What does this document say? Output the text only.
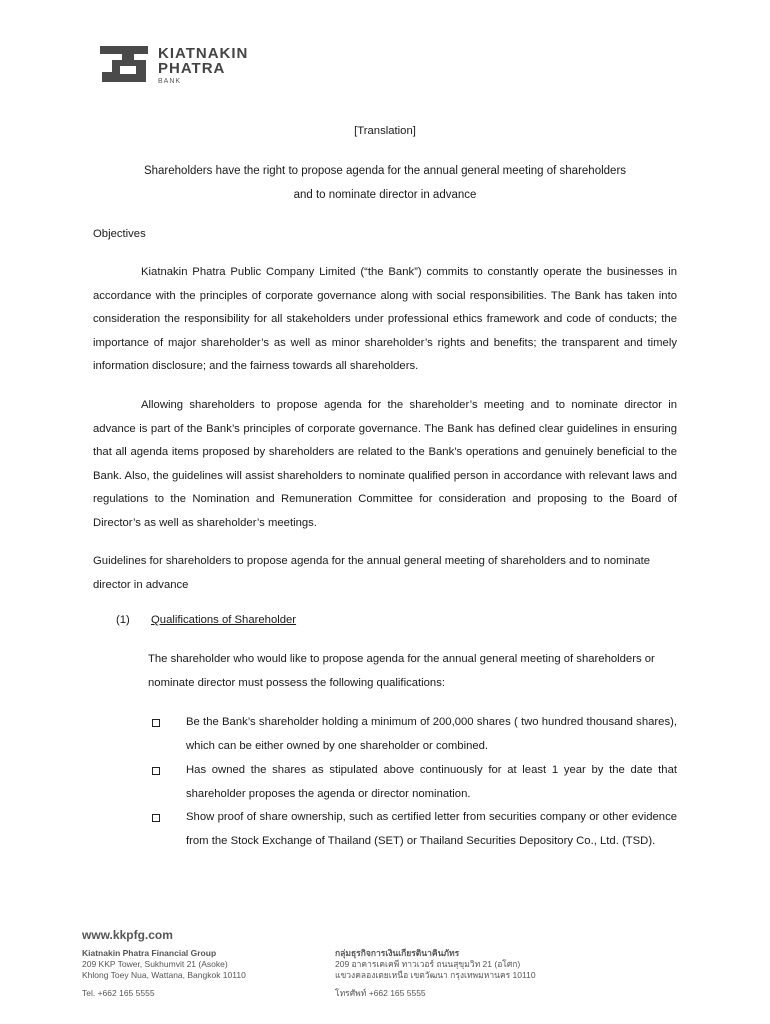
KIATNAKIN
PHATRA
BANK

[Translation]

Shareholders have the right to propose agenda for the annual general meeting of shareholders

and to nominate director in advance

Objectives

Kiatnakin Phatra Public Company Limited (“the Bank”) commits to constantly operate the businesses in accordance with the principles of corporate governance along with social responsibilities. The Bank has taken into consideration the responsibility for all stakeholders under professional ethics framework and code of conducts; the importance of major shareholder’s as well as minor shareholder’s rights and benefits; the transparent and timely information disclosure; and the fairness towards all shareholders.

Allowing shareholders to propose agenda for the shareholder’s meeting and to nominate director in advance is part of the Bank’s principles of corporate governance. The Bank has defined clear guidelines in ensuring that all agenda items proposed by shareholders are related to the Bank’s operations and genuinely beneficial to the Bank. Also, the guidelines will assist shareholders to nominate qualified person in accordance with relevant laws and regulations to the Nomination and Remuneration Committee for consideration and proposing to the Board of Director’s as well as shareholder’s meetings.

Guidelines for shareholders to propose agenda for the annual general meeting of shareholders and to nominate director in advance

(1)	Qualifications of Shareholder

The shareholder who would like to propose agenda for the annual general meeting of shareholders or nominate director must possess the following qualifications:

Be the Bank’s shareholder holding a minimum of 200,000 shares ( two hundred thousand shares), which can be either owned by one shareholder or combined.

Has owned the shares as stipulated above continuously for at least 1 year by the date that shareholder proposes the agenda or director nomination.

Show proof of share ownership, such as certified letter from securities company or other evidence from the Stock Exchange of Thailand (SET) or Thailand Securities Depository Co., Ltd. (TSD).

www.kkpfg.com
Kiatnakin Phatra Financial Group
209 KKP Tower, Sukhumvit 21 (Asoke)
Khlong Toey Nua, Wattana, Bangkok 10110
Tel. +662 165 5555
กลุ่มธุรกิจการเงินเกียรตินาคินภัทร
209 อาคารเคเคพี ทาวเวอร์ ถนนสุขุมวิท 21 (อโศก)
แขวงคลองเตยเหนือ เขตวัฒนา กรุงเทพมหานคร 10110
โทรศัพท์ +662 165 5555
